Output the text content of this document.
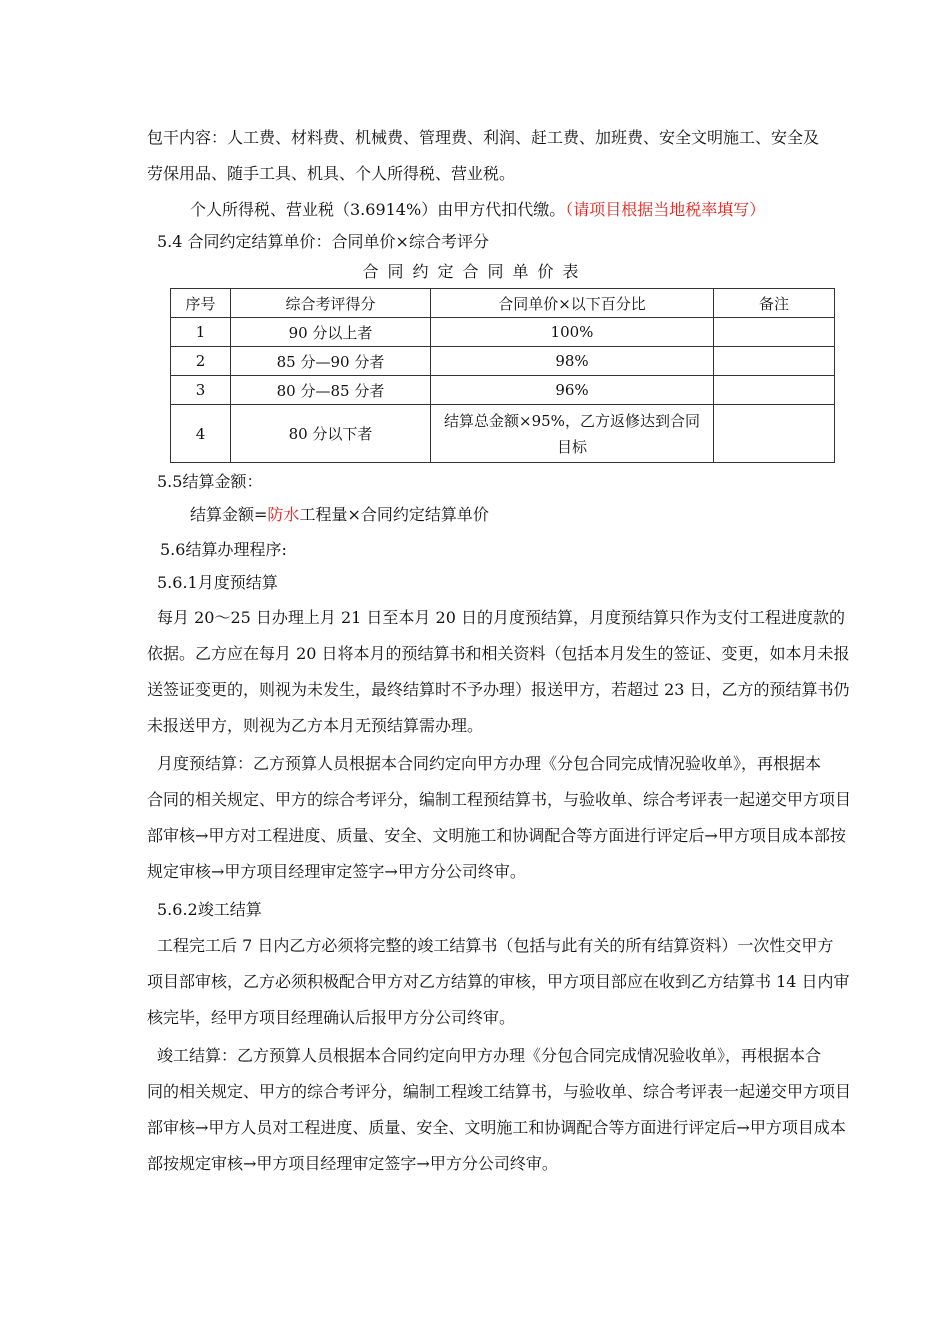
包干内容：人工费、材料费、机械费、管理费、利润、赶工费、加班费、安全文明施工、安全及
劳保用品、随手工具、机具、个人所得税、营业税。
个人所得税、营业税（3.6914%）由甲方代扣代缴。（请项目根据当地税率填写）
5.4 合同约定结算单价：合同单价×综合考评分
合同约定合同单价表
序号	综合考评得分	合同单价×以下百分比	备注
1	90 分以上者	100%	
2	85 分—90 分者	98%	
3	80 分—85 分者	96%	
4	80 分以下者	结算总金额×95%，乙方返修达到合同目标	
5.5结算金额：
结算金额=防水工程量×合同约定结算单价
5.6结算办理程序:
5.6.1月度预结算
每月 20～25 日办理上月 21 日至本月 20 日的月度预结算，月度预结算只作为支付工程进度款的
依据。乙方应在每月 20 日将本月的预结算书和相关资料（包括本月发生的签证、变更，如本月未报
送签证变更的，则视为未发生，最终结算时不予办理）报送甲方，若超过 23 日，乙方的预结算书仍
未报送甲方，则视为乙方本月无预结算需办理。
月度预结算：乙方预算人员根据本合同约定向甲方办理《分包合同完成情况验收单》，再根据本
合同的相关规定、甲方的综合考评分，编制工程预结算书，与验收单、综合考评表一起递交甲方项目
部审核→甲方对工程进度、质量、安全、文明施工和协调配合等方面进行评定后→甲方项目成本部按
规定审核→甲方项目经理审定签字→甲方分公司终审。
5.6.2竣工结算
工程完工后 7 日内乙方必须将完整的竣工结算书（包括与此有关的所有结算资料）一次性交甲方
项目部审核，乙方必须积极配合甲方对乙方结算的审核，甲方项目部应在收到乙方结算书 14 日内审
核完毕，经甲方项目经理确认后报甲方分公司终审。
竣工结算：乙方预算人员根据本合同约定向甲方办理《分包合同完成情况验收单》，再根据本合
同的相关规定、甲方的综合考评分，编制工程竣工结算书，与验收单、综合考评表一起递交甲方项目
部审核→甲方人员对工程进度、质量、安全、文明施工和协调配合等方面进行评定后→甲方项目成本
部按规定审核→甲方项目经理审定签字→甲方分公司终审。
